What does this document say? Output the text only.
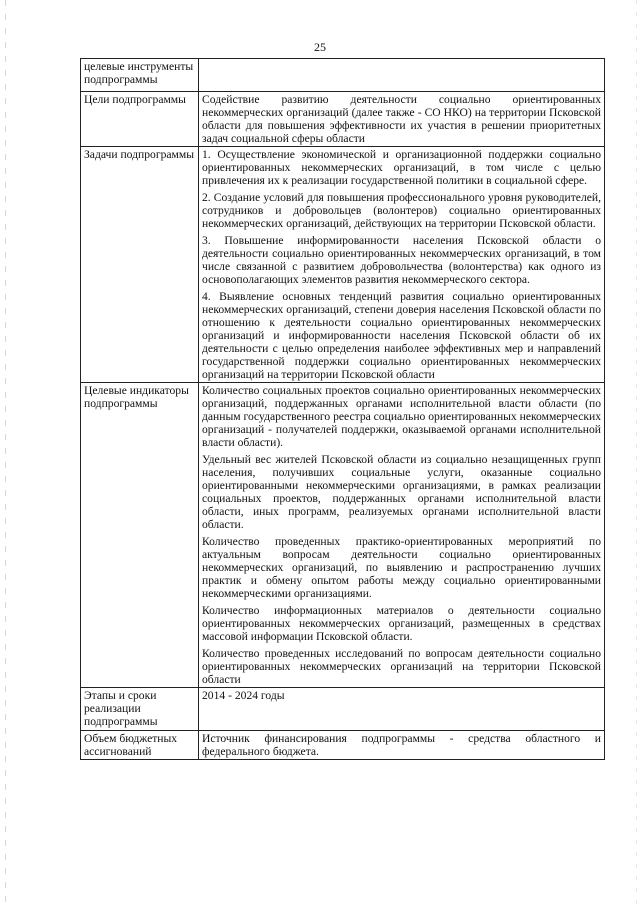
25
целевые инструменты подпрограммы	
Цели подпрограммы	Содействие развитию деятельности социально ориентированных некоммерческих организаций (далее также - СО НКО) на территории Псковской области для повышения эффективности их участия в решении приоритетных задач социальной сферы области

Задачи подпрограммы	1. Осуществление экономической и организационной поддержки социально ориентированных некоммерческих организаций, в том числе с целью привлечения их к реализации государственной политики в социальной сфере.

2. Создание условий для повышения профессионального уровня руководителей, сотрудников и добровольцев (волонтеров) социально ориентированных некоммерческих организаций, действующих на территории Псковской области.

3. Повышение информированности населения Псковской области о деятельности социально ориентированных некоммерческих организаций, в том числе связанной с развитием добровольчества (волонтерства) как одного из основополагающих элементов развития некоммерческого сектора.

4. Выявление основных тенденций развития социально ориентированных некоммерческих организаций, степени доверия населения Псковской области по отношению к деятельности социально ориентированных некоммерческих организаций и информированности населения Псковской области об их деятельности с целью определения наиболее эффективных мер и направлений государственной поддержки социально ориентированных некоммерческих организаций на территории Псковской области

Целевые индикаторы подпрограммы	Количество социальных проектов социально ориентированных некоммерческих организаций, поддержанных органами исполнительной власти области (по данным государственного реестра социально ориентированных некоммерческих организаций - получателей поддержки, оказываемой органами исполнительной власти области).

Удельный вес жителей Псковской области из социально незащищенных групп населения, получивших социальные услуги, оказанные социально ориентированными некоммерческими организациями, в рамках реализации социальных проектов, поддержанных органами исполнительной власти области, иных программ, реализуемых органами исполнительной власти области.

Количество проведенных практико-ориентированных мероприятий по актуальным вопросам деятельности социально ориентированных некоммерческих организаций, по выявлению и распространению лучших практик и обмену опытом работы между социально ориентированными некоммерческими организациями.

Количество информационных материалов о деятельности социально ориентированных некоммерческих организаций, размещенных в средствах массовой информации Псковской области.

Количество проведенных исследований по вопросам деятельности социально ориентированных некоммерческих организаций на территории Псковской области

Этапы и сроки реализации подпрограммы	2014 - 2024 годы

Объем бюджетных ассигнований	Источник финансирования подпрограммы - средства областного и федерального бюджета.
